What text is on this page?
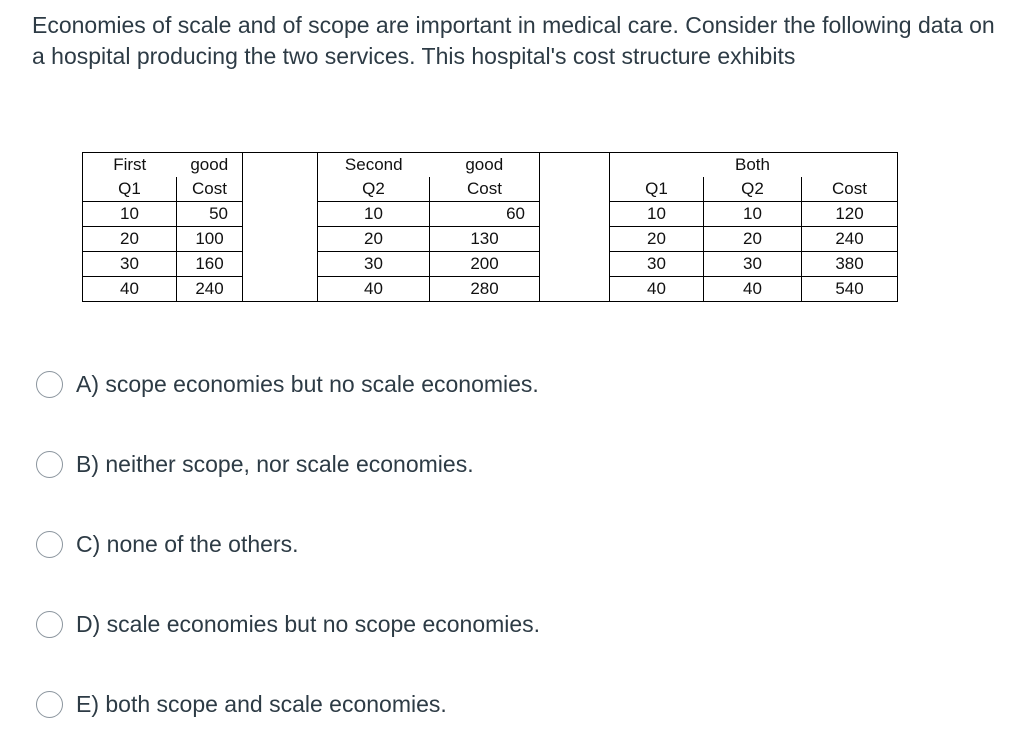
Economies of scale and of scope are important in medical care. Consider the following data on a hospital producing the two services. This hospital's cost structure exhibits
First	good		Second	good			Both	
Q1	Cost		Q2	Cost		Q1	Q2	Cost
10	50		10	60		10	10	120
20	100		20	130		20	20	240
30	160		30	200		30	30	380
40	240		40	280		40	40	540
A) scope economies but no scale economies.
B) neither scope, nor scale economies.
C) none of the others.
D) scale economies but no scope economies.
E) both scope and scale economies.
